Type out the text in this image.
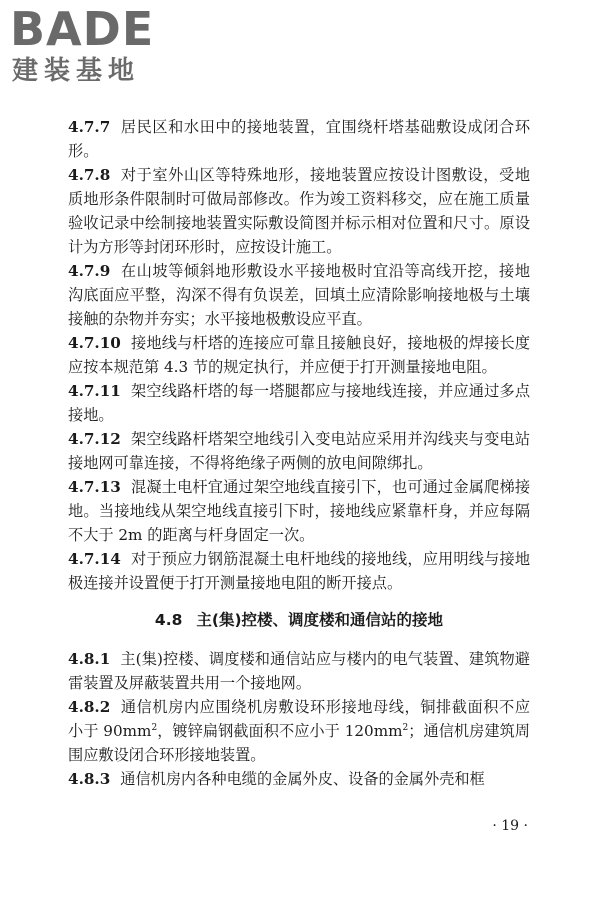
BADE
建装基地

4.7.7 居民区和水田中的接地装置，宜围绕杆塔基础敷设成闭合环形。

4.7.8 对于室外山区等特殊地形，接地装置应按设计图敷设，受地质地形条件限制时可做局部修改。作为竣工资料移交，应在施工质量验收记录中绘制接地装置实际敷设简图并标示相对位置和尺寸。原设计为方形等封闭环形时，应按设计施工。

4.7.9 在山坡等倾斜地形敷设水平接地极时宜沿等高线开挖，接地沟底面应平整，沟深不得有负误差，回填土应清除影响接地极与土壤接触的杂物并夯实；水平接地极敷设应平直。

4.7.10 接地线与杆塔的连接应可靠且接触良好，接地极的焊接长度应按本规范第 4.3 节的规定执行，并应便于打开测量接地电阻。

4.7.11 架空线路杆塔的每一塔腿都应与接地线连接，并应通过多点接地。

4.7.12 架空线路杆塔架空地线引入变电站应采用并沟线夹与变电站接地网可靠连接，不得将绝缘子两侧的放电间隙绑扎。

4.7.13 混凝土电杆宜通过架空地线直接引下，也可通过金属爬梯接地。当接地线从架空地线直接引下时，接地线应紧靠杆身，并应每隔不大于 2m 的距离与杆身固定一次。

4.7.14 对于预应力钢筋混凝土电杆地线的接地线，应用明线与接地极连接并设置便于打开测量接地电阻的断开接点。

4.8 主(集)控楼、调度楼和通信站的接地

4.8.1 主(集)控楼、调度楼和通信站应与楼内的电气装置、建筑物避雷装置及屏蔽装置共用一个接地网。

4.8.2 通信机房内应围绕机房敷设环形接地母线，铜排截面积不应小于 $90mm^2$，镀锌扁钢截面积不应小于 $120mm^2$；通信机房建筑周围应敷设闭合环形接地装置。

4.8.3 通信机房内各种电缆的金属外皮、设备的金属外壳和框

· 19 ·
